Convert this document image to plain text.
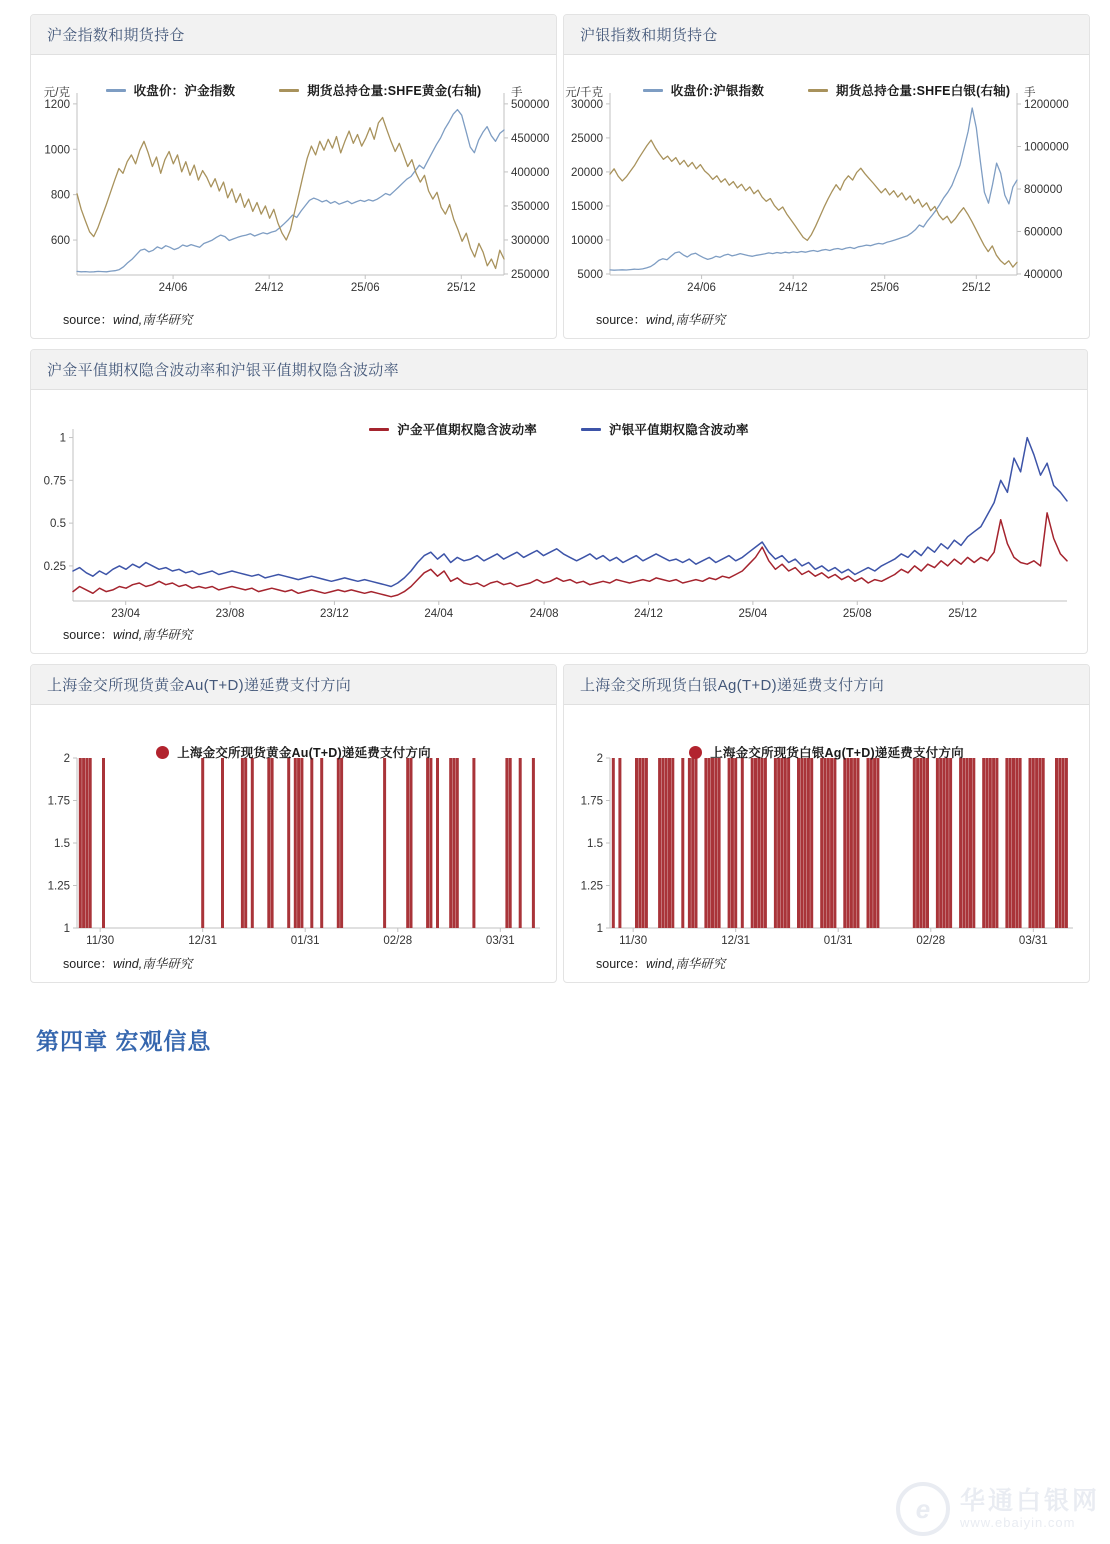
沪金指数和期货持仓
收盘价：沪金指数	期货总持仓量:SHFE黄金(右轴)
1200
1000
800
600
元/克
500000
450000
400000
350000
300000
250000
手
24/06	24/12	25/06	25/12
source：wind,南华研究
沪银指数和期货持仓
收盘价:沪银指数	期货总持仓量:SHFE白银(右轴)
30000
25000
20000
15000
10000
5000
元/千克
1200000
1000000
800000
600000
400000
手
24/06	24/12	25/06	25/12
source：wind,南华研究
沪金平值期权隐含波动率和沪银平值期权隐含波动率
沪金平值期权隐含波动率	沪银平值期权隐含波动率
1
0.75
0.5
0.25
23/04	23/08	23/12	24/04	24/08	24/12	25/04	25/08	25/12
source：wind,南华研究
上海金交所现货黄金Au(T+D)递延费支付方向
上海金交所现货黄金Au(T+D)递延费支付方向
2
1.75
1.5
1.25
1
11/30	12/31	01/31	02/28	03/31
source：wind,南华研究
上海金交所现货白银Ag(T+D)递延费支付方向
上海金交所现货白银Ag(T+D)递延费支付方向
2
1.75
1.5
1.25
1
11/30	12/31	01/31	02/28	03/31
source：wind,南华研究
第四章 宏观信息
e	华通白银网
www.ebaiyin.com
